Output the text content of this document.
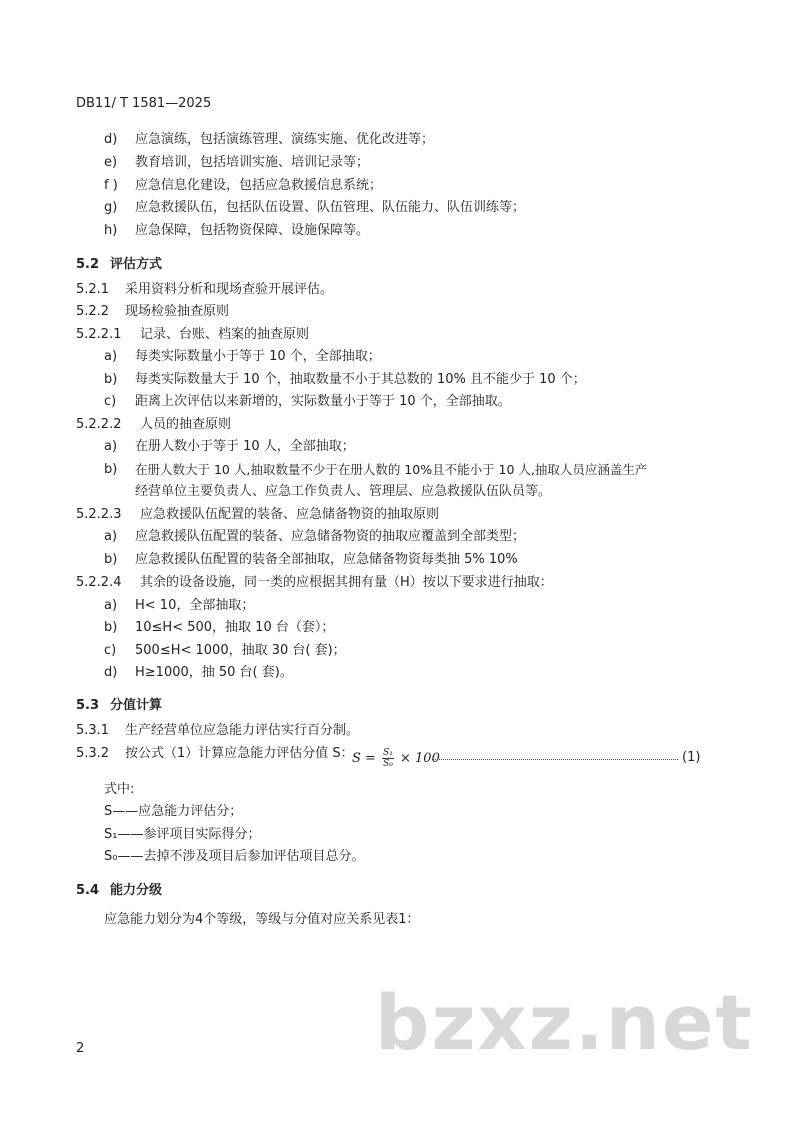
DB11/ T 1581—2025
d) 应急演练，包括演练管理、演练实施、优化改进等；
e) 教育培训，包括培训实施、培训记录等；
f ) 应急信息化建设，包括应急救援信息系统；
g) 应急救援队伍，包括队伍设置、队伍管理、队伍能力、队伍训练等；
h) 应急保障，包括物资保障、设施保障等。
5.2 评估方式
5.2.1 采用资料分析和现场查验开展评估。
5.2.2 现场检验抽查原则
5.2.2.1 记录、台账、档案的抽查原则
a) 每类实际数量小于等于 10 个，全部抽取；
b) 每类实际数量大于 10 个，抽取数量不小于其总数的 10% 且不能少于 10 个；
c) 距离上次评估以来新增的，实际数量小于等于 10 个，全部抽取。
5.2.2.2 人员的抽查原则
a) 在册人数小于等于 10 人，全部抽取；
b) 在册人数大于 10 人,抽取数量不少于在册人数的 10%且不能小于 10 人,抽取人员应涵盖生产
经营单位主要负责人、应急工作负责人、管理层、应急救援队伍队员等。
5.2.2.3 应急救援队伍配置的装备、应急储备物资的抽取原则
a) 应急救援队伍配置的装备、应急储备物资的抽取应覆盖到全部类型；
b) 应急救援队伍配置的装备全部抽取，应急储备物资每类抽 5% 10%
5.2.2.4 其余的设备设施，同一类的应根据其拥有量（H）按以下要求进行抽取：
a) H< 10，全部抽取；
b) 10≤H< 500，抽取 10 台（套）；
c) 500≤H< 1000，抽取 30 台( 套)；
d) H≥1000，抽 50 台( 套)。
5.3 分值计算
5.3.1 生产经营单位应急能力评估实行百分制。
5.3.2 按公式（1）计算应急能力评估分值 S：
$S = \frac{\text{S₁}}{\text{S₀}} \times 100$	(1)
式中:
S——应急能力评估分；
S₁——参评项目实际得分；
S₀——去掉不涉及项目后参加评估项目总分。
5.4 能力分级
应急能力划分为4个等级，等级与分值对应关系见表1：
bzxz.net
2
